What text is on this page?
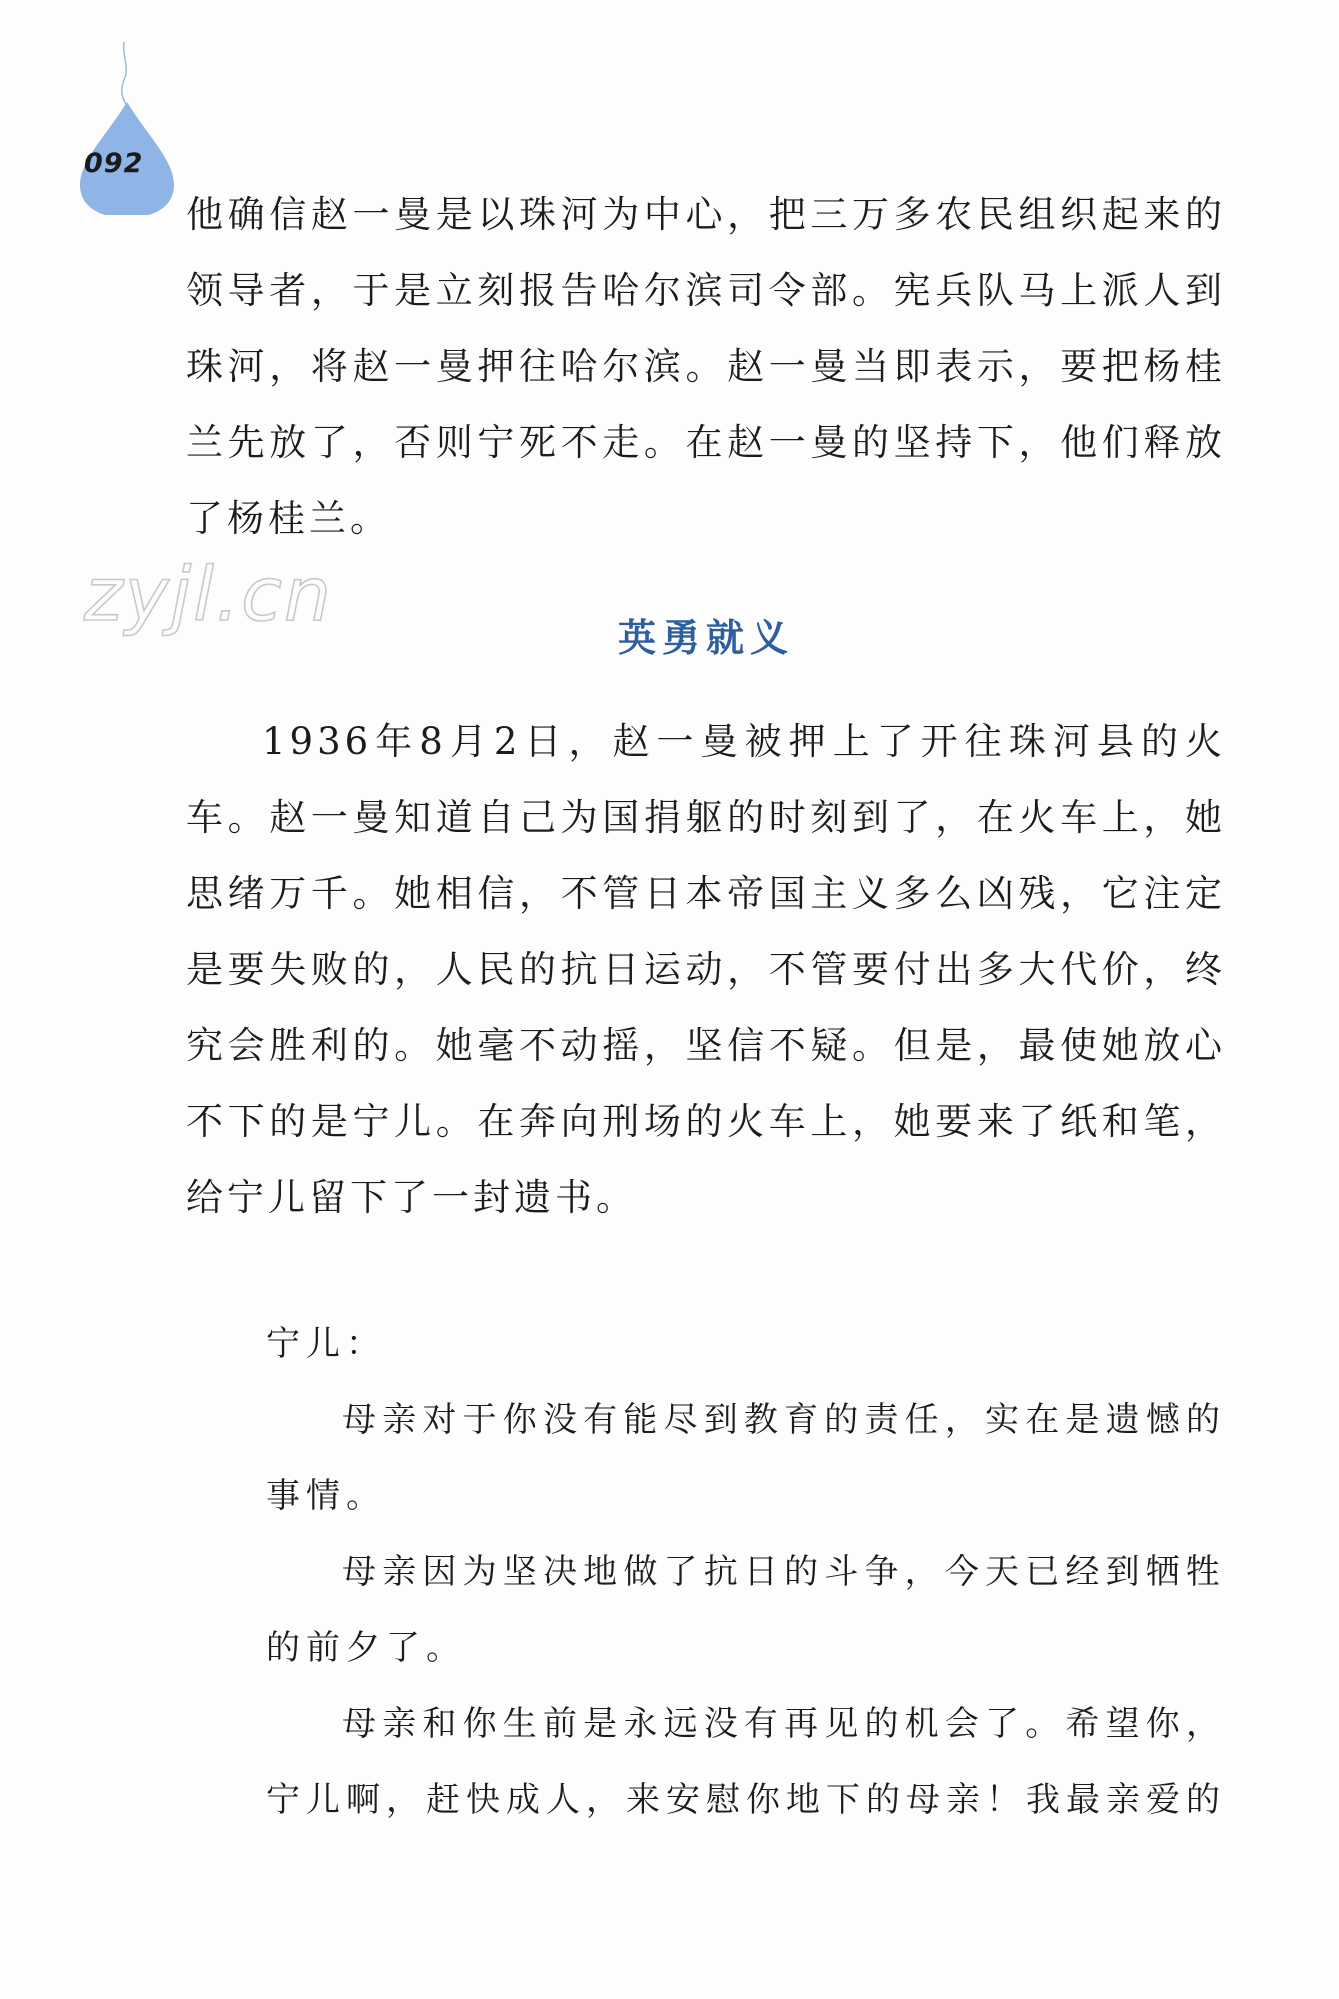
092
zyjl.cn

他确信赵一曼是以珠河为中心，把三万多农民组织起来的领导者，于是立刻报告哈尔滨司令部。宪兵队马上派人到珠河，将赵一曼押往哈尔滨。赵一曼当即表示，要把杨桂兰先放了，否则宁死不走。在赵一曼的坚持下，他们释放了杨桂兰。

英勇就义

1936年8月2日，赵一曼被押上了开往珠河县的火车。赵一曼知道自己为国捐躯的时刻到了，在火车上，她思绪万千。她相信，不管日本帝国主义多么凶残，它注定是要失败的，人民的抗日运动，不管要付出多大代价，终究会胜利的。她毫不动摇，坚信不疑。但是，最使她放心不下的是宁儿。在奔向刑场的火车上，她要来了纸和笔，给宁儿留下了一封遗书。

宁儿：

母亲对于你没有能尽到教育的责任，实在是遗憾的事情。

母亲因为坚决地做了抗日的斗争，今天已经到牺牲的前夕了。

母亲和你生前是永远没有再见的机会了。希望你，宁儿啊，赶快成人，来安慰你地下的母亲！我最亲爱的
